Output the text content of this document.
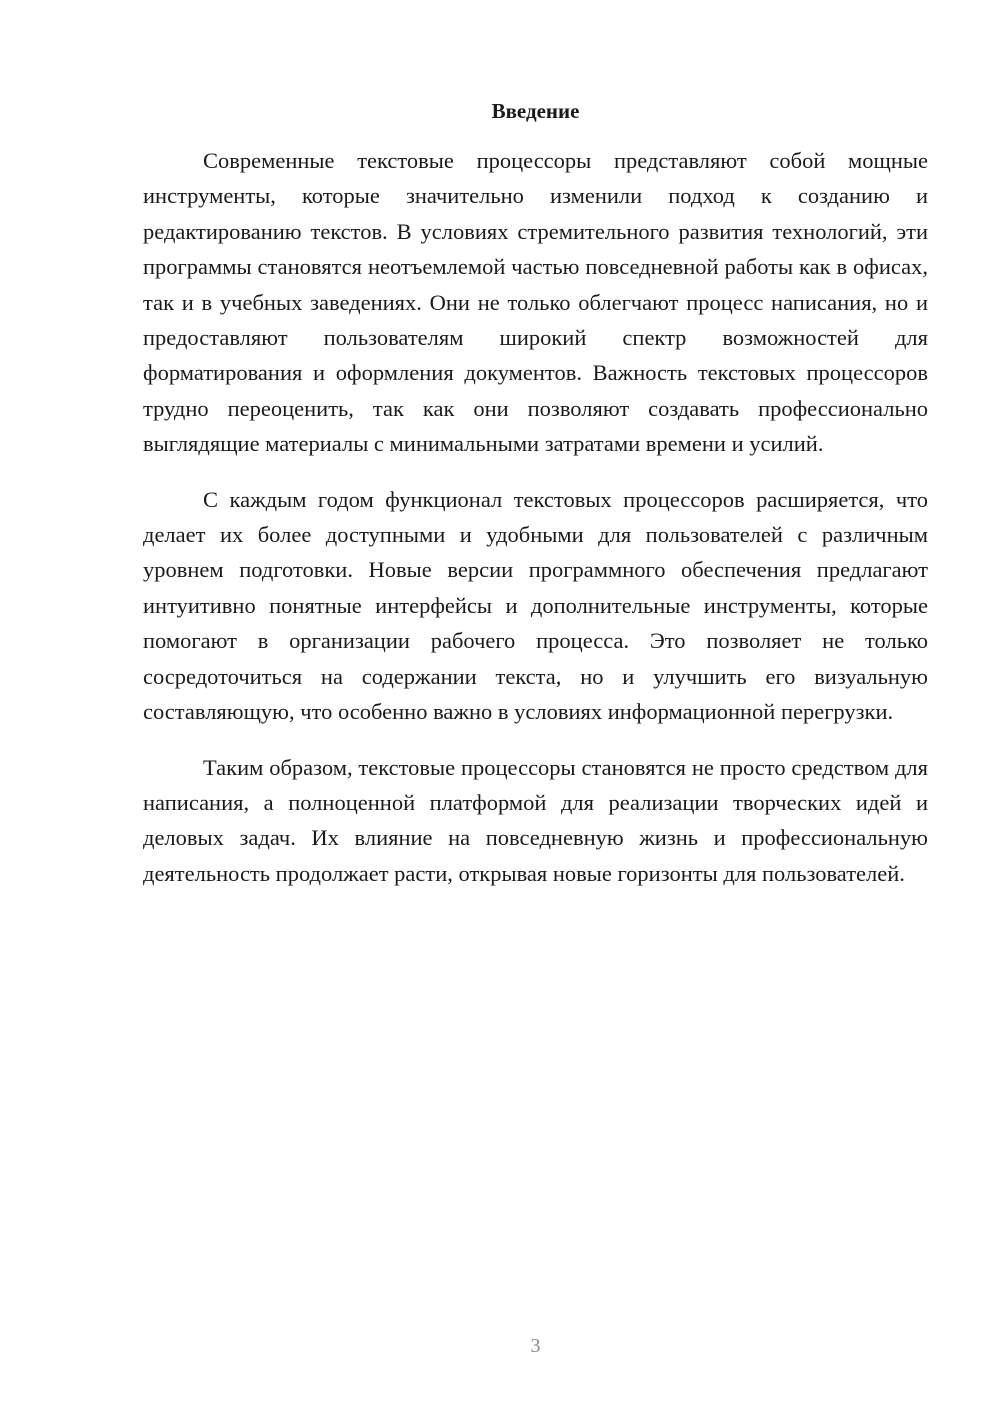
Введение

Современные текстовые процессоры представляют собой мощные инструменты, которые значительно изменили подход к созданию и редактированию текстов. В условиях стремительного развития технологий, эти программы становятся неотъемлемой частью повседневной работы как в офисах, так и в учебных заведениях. Они не только облегчают процесс написания, но и предоставляют пользователям широкий спектр возможностей для форматирования и оформления документов. Важность текстовых процессоров трудно переоценить, так как они позволяют создавать профессионально выглядящие материалы с минимальными затратами времени и усилий.

С каждым годом функционал текстовых процессоров расширяется, что делает их более доступными и удобными для пользователей с различным уровнем подготовки. Новые версии программного обеспечения предлагают интуитивно понятные интерфейсы и дополнительные инструменты, которые помогают в организации рабочего процесса. Это позволяет не только сосредоточиться на содержании текста, но и улучшить его визуальную составляющую, что особенно важно в условиях информационной перегрузки.

Таким образом, текстовые процессоры становятся не просто средством для написания, а полноценной платформой для реализации творческих идей и деловых задач. Их влияние на повседневную жизнь и профессиональную деятельность продолжает расти, открывая новые горизонты для пользователей.

3
